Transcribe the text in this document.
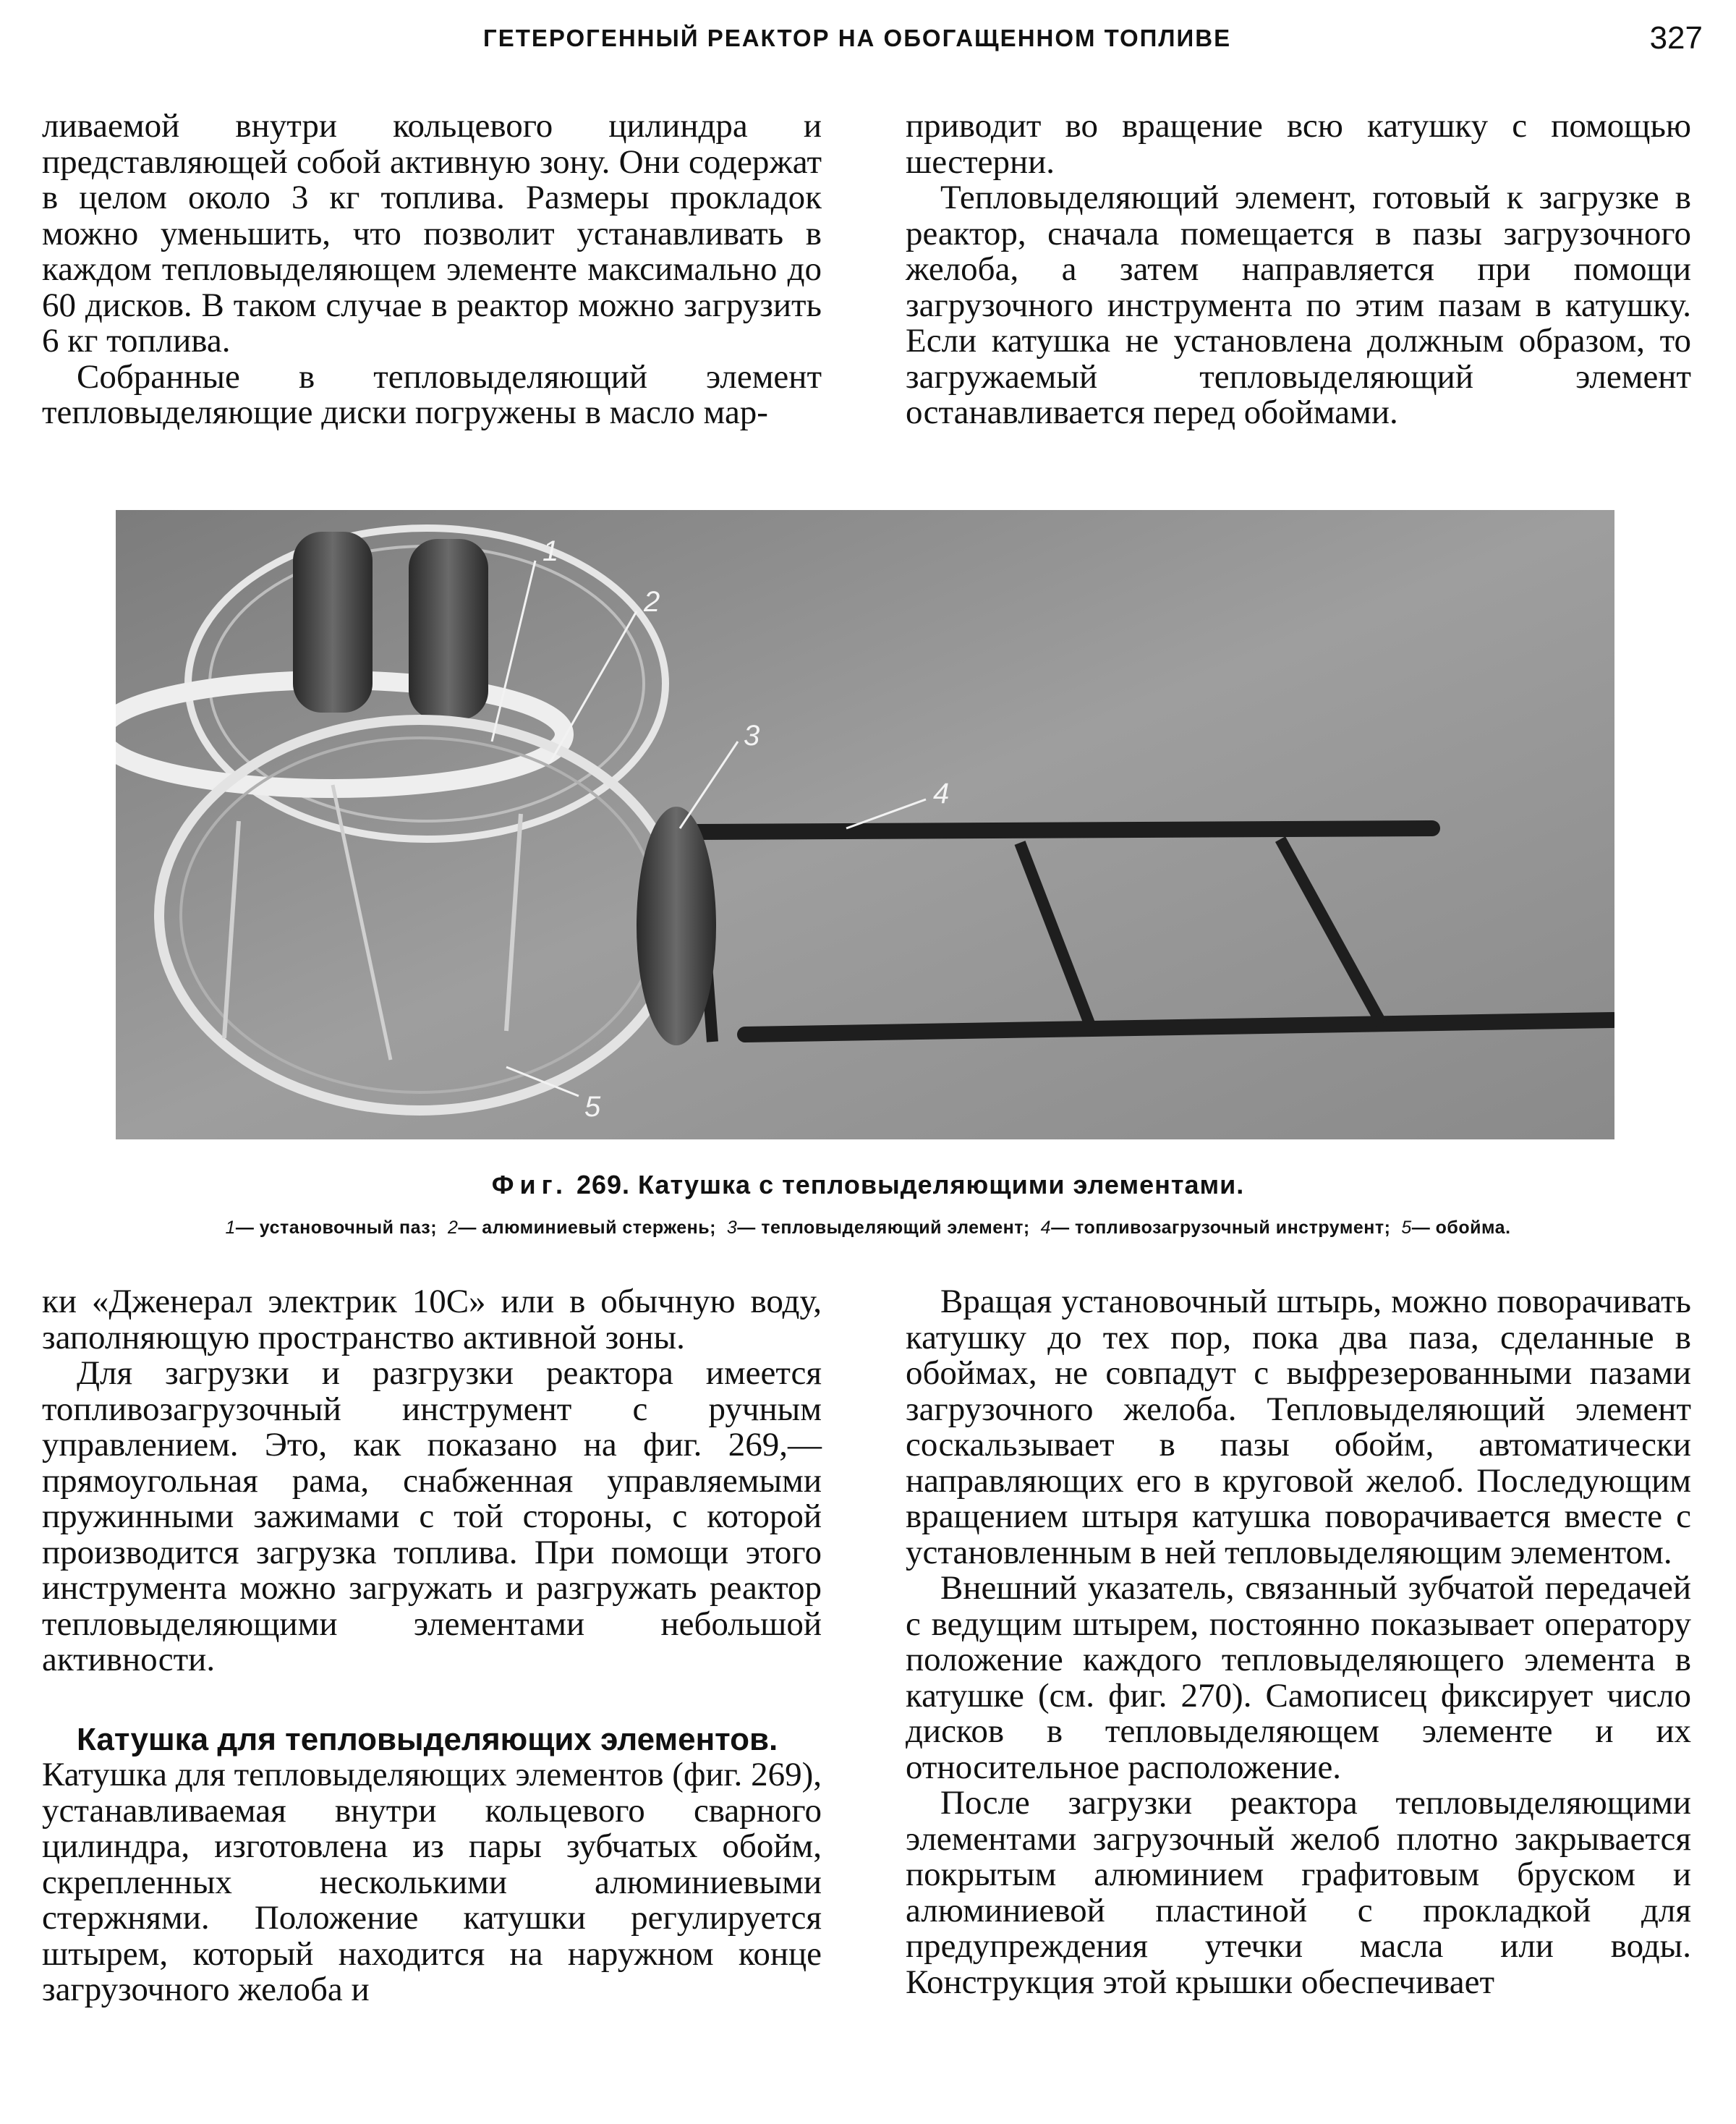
ГЕТЕРОГЕННЫЙ РЕАКТОР НА ОБОГАЩЕННОМ ТОПЛИВЕ	327

ливаемой внутри кольцевого цилиндра и представляющей собой активную зону. Они содержат в целом около 3 кг топлива. Размеры прокладок можно уменьшить, что позволит устанавливать в каждом тепловыделяющем элементе максимально до 60 дисков. В таком случае в реактор можно загрузить 6 кг топлива.

Собранные в тепловыделяющий элемент тепловыделяющие диски погружены в масло мар-

приводит во вращение всю катушку с помощью шестерни.

Тепловыделяющий элемент, готовый к загрузке в реактор, сначала помещается в пазы загрузочного желоба, а затем направляется при помощи загрузочного инструмента по этим пазам в катушку. Если катушка не установлена должным образом, то загружаемый тепловыделяющий элемент останавливается перед обоймами.

1
2
3
4
5
Фиг. 269. Катушка с тепловыделяющими элементами.
1— установочный паз; 2— алюминиевый стержень; 3— тепловыделяющий элемент; 4— топливозагрузочный инструмент; 5— обойма.

ки «Дженерал электрик 10С» или в обычную воду, заполняющую пространство активной зоны.

Для загрузки и разгрузки реактора имеется топливозагрузочный инструмент с ручным управлением. Это, как показано на фиг. 269,— прямоугольная рама, снабженная управляемыми пружинными зажимами с той стороны, с которой производится загрузка топлива. При помощи этого инструмента можно загружать и разгружать реактор тепловыделяющими элементами небольшой активности.

Катушка для тепловыделяющих элементов.

Катушка для тепловыделяющих элементов (фиг. 269), устанавливаемая внутри кольцевого сварного цилиндра, изготовлена из пары зубчатых обойм, скрепленных несколькими алюминиевыми стержнями. Положение катушки регулируется штырем, который находится на наружном конце загрузочного желоба и

Вращая установочный штырь, можно поворачивать катушку до тех пор, пока два паза, сделанные в обоймах, не совпадут с выфрезерованными пазами загрузочного желоба. Тепловыделяющий элемент соскальзывает в пазы обойм, автоматически направляющих его в круговой желоб. Последующим вращением штыря катушка поворачивается вместе с установленным в ней тепловыделяющим элементом.

Внешний указатель, связанный зубчатой передачей с ведущим штырем, постоянно показывает оператору положение каждого тепловыделяющего элемента в катушке (см. фиг. 270). Самописец фиксирует число дисков в тепловыделяющем элементе и их относительное расположение.

После загрузки реактора тепловыделяющими элементами загрузочный желоб плотно закрывается покрытым алюминием графитовым бруском и алюминиевой пластиной с прокладкой для предупреждения утечки масла или воды. Конструкция этой крышки обеспечивает
